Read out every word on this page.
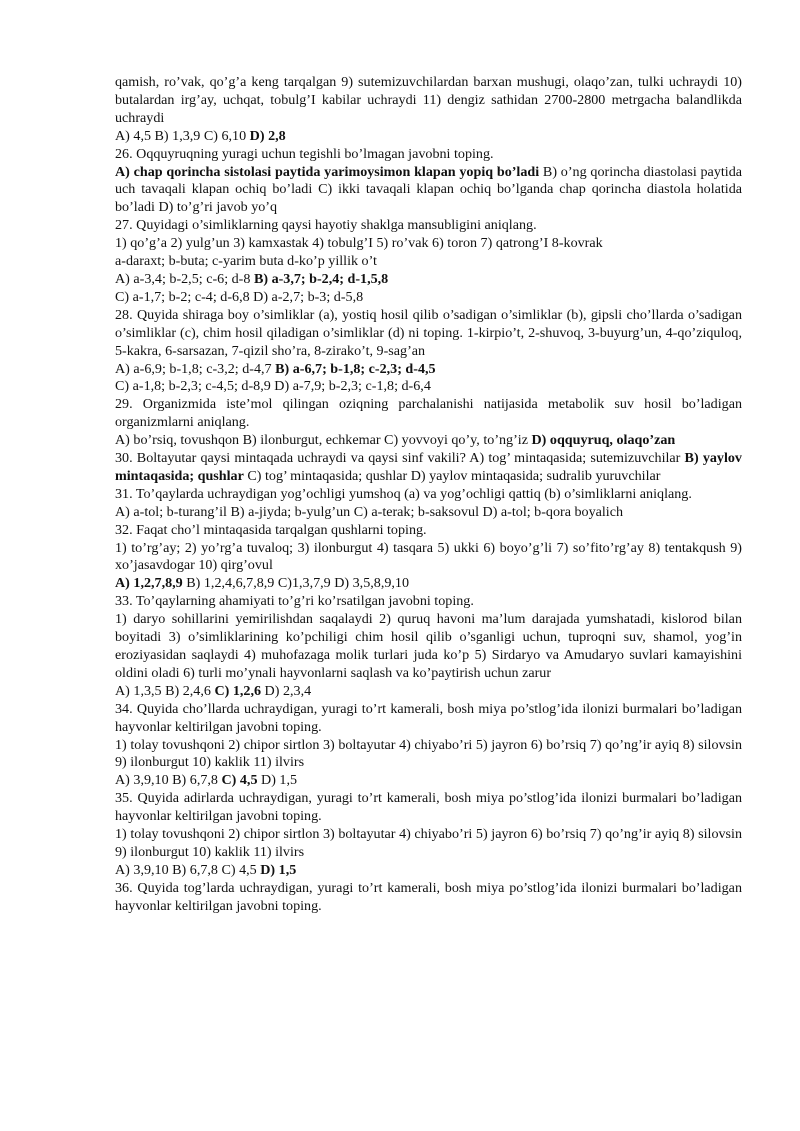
qamish, ro’vak, qo’g’a keng tarqalgan 9) sutemizuvchilardan barxan mushugi, olaqo’zan, tulki uchraydi 10) butalardan irg’ay, uchqat, tobulg’I kabilar uchraydi 11) dengiz sathidan 2700-2800 metrgacha balandlikda uchraydi

A) 4,5 B) 1,3,9 C) 6,10 D) 2,8

26. Oqquyruqning yuragi uchun tegishli bo’lmagan javobni toping.

A) chap qorincha sistolasi paytida yarimoysimon klapan yopiq bo’ladi B) o’ng qorincha diastolasi paytida uch tavaqali klapan ochiq bo’ladi C) ikki tavaqali klapan ochiq bo’lganda chap qorincha diastola holatida bo’ladi D) to’g’ri javob yo’q

27. Quyidagi o’simliklarning qaysi hayotiy shaklga mansubligini aniqlang.

1) qo’g’a 2) yulg’un 3) kamxastak 4) tobulg’I 5) ro’vak 6) toron 7) qatrong’I 8-kovrak

a-daraxt; b-buta; c-yarim buta d-ko’p yillik o’t

A) a-3,4; b-2,5; c-6; d-8 B) a-3,7; b-2,4; d-1,5,8

C) a-1,7; b-2; c-4; d-6,8 D) a-2,7; b-3; d-5,8

28. Quyida shiraga boy o’simliklar (a), yostiq hosil qilib o’sadigan o’simliklar (b), gipsli cho’llarda o’sadigan o’simliklar (c), chim hosil qiladigan o’simliklar (d) ni toping. 1-kirpio’t, 2-shuvoq, 3-buyurg’un, 4-qo’ziquloq, 5-kakra, 6-sarsazan, 7-qizil sho’ra, 8-zirako’t, 9-sag’an

A) a-6,9; b-1,8; c-3,2; d-4,7 B) a-6,7; b-1,8; c-2,3; d-4,5

C) a-1,8; b-2,3; c-4,5; d-8,9 D) a-7,9; b-2,3; c-1,8; d-6,4

29. Organizmida iste’mol qilingan oziqning parchalanishi natijasida metabolik suv hosil bo’ladigan organizmlarni aniqlang.

A) bo’rsiq, tovushqon B) ilonburgut, echkemar C) yovvoyi qo’y, to’ng’iz D) oqquyruq, olaqo’zan

30. Boltayutar qaysi mintaqada uchraydi va qaysi sinf vakili? A) tog’ mintaqasida; sutemizuvchilar B) yaylov mintaqasida; qushlar C) tog’ mintaqasida; qushlar D) yaylov mintaqasida; sudralib yuruvchilar

31. To’qaylarda uchraydigan yog’ochligi yumshoq (a) va yog’ochligi qattiq (b) o’simliklarni aniqlang.

A) a-tol; b-turang’il B) a-jiyda; b-yulg’un C) a-terak; b-saksovul D) a-tol; b-qora boyalich

32. Faqat cho’l mintaqasida tarqalgan qushlarni toping.

1) to’rg’ay; 2) yo’rg’a tuvaloq; 3) ilonburgut 4) tasqara 5) ukki 6) boyo’g’li 7) so’fito’rg’ay 8) tentakqush 9) xo’jasavdogar 10) qirg’ovul

A) 1,2,7,8,9 B) 1,2,4,6,7,8,9 C)1,3,7,9 D) 3,5,8,9,10

33. To’qaylarning ahamiyati to’g’ri ko’rsatilgan javobni toping.

1) daryo sohillarini yemirilishdan saqalaydi 2) quruq havoni ma’lum darajada yumshatadi, kislorod bilan boyitadi 3) o’simliklarining ko’pchiligi chim hosil qilib o’sganligi uchun, tuproqni suv, shamol, yog’in eroziyasidan saqlaydi 4) muhofazaga molik turlari juda ko’p 5) Sirdaryo va Amudaryo suvlari kamayishini oldini oladi 6) turli mo’ynali hayvonlarni saqlash va ko’paytirish uchun zarur

A) 1,3,5 B) 2,4,6 C) 1,2,6 D) 2,3,4

34. Quyida cho’llarda uchraydigan, yuragi to’rt kamerali, bosh miya po’stlog’ida ilonizi burmalari bo’ladigan hayvonlar keltirilgan javobni toping.

1) tolay tovushqoni 2) chipor sirtlon 3) boltayutar 4) chiyabo’ri 5) jayron 6) bo’rsiq 7) qo’ng’ir ayiq 8) silovsin 9) ilonburgut 10) kaklik 11) ilvirs

A) 3,9,10 B) 6,7,8 C) 4,5 D) 1,5

35. Quyida adirlarda uchraydigan, yuragi to’rt kamerali, bosh miya po’stlog’ida ilonizi burmalari bo’ladigan hayvonlar keltirilgan javobni toping.

1) tolay tovushqoni 2) chipor sirtlon 3) boltayutar 4) chiyabo’ri 5) jayron 6) bo’rsiq 7) qo’ng’ir ayiq 8) silovsin 9) ilonburgut 10) kaklik 11) ilvirs

A) 3,9,10 B) 6,7,8 C) 4,5 D) 1,5

36. Quyida tog’larda uchraydigan, yuragi to’rt kamerali, bosh miya po’stlog’ida ilonizi burmalari bo’ladigan hayvonlar keltirilgan javobni toping.
